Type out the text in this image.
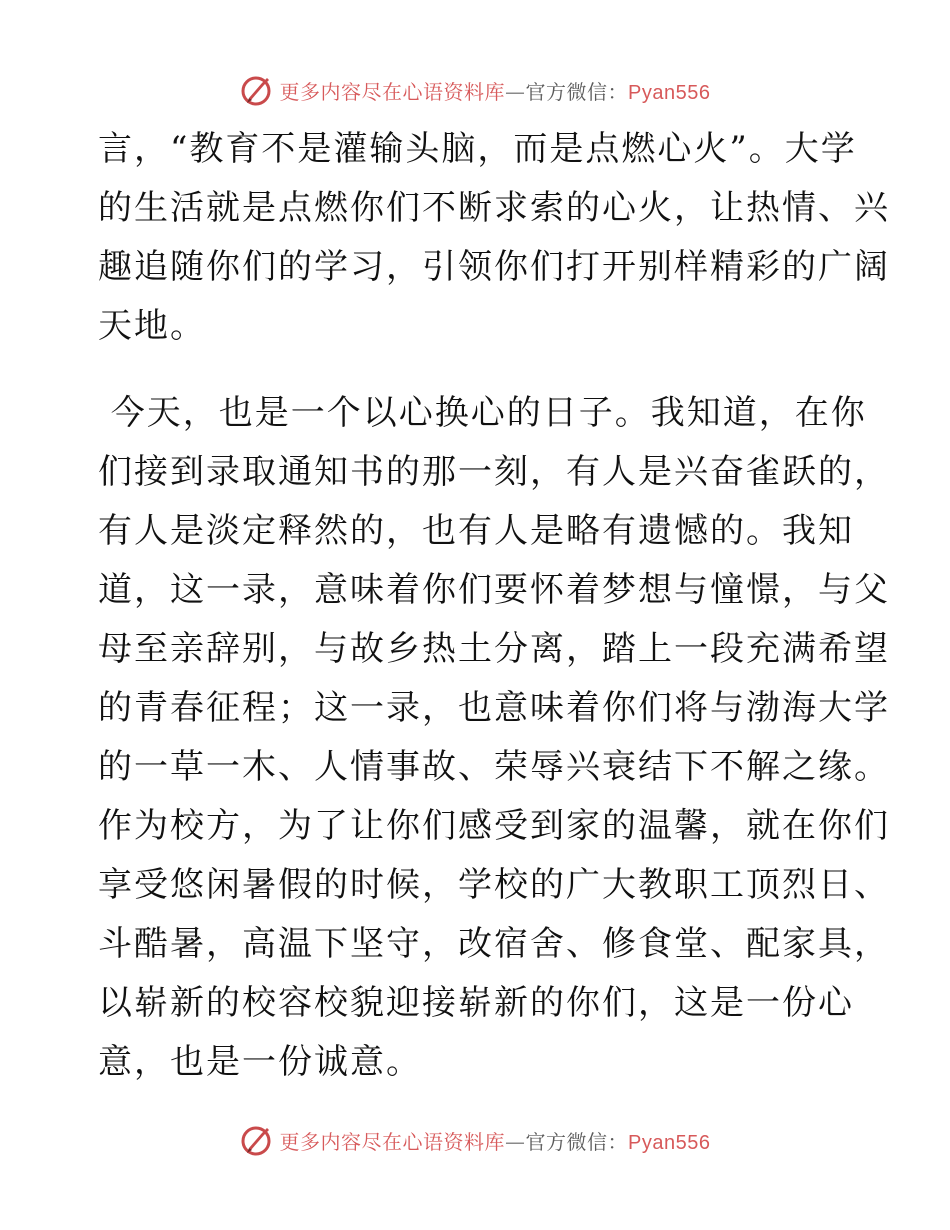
更多内容尽在心语资料库—官方微信：Pyan556

言，“教育不是灌输头脑，而是点燃心火”。大学
的生活就是点燃你们不断求索的心火，让热情、兴
趣追随你们的学习，引领你们打开别样精彩的广阔
天地。

今天，也是一个以心换心的日子。我知道，在你
们接到录取通知书的那一刻，有人是兴奋雀跃的，
有人是淡定释然的，也有人是略有遗憾的。我知
道，这一录，意味着你们要怀着梦想与憧憬，与父
母至亲辞别，与故乡热土分离，踏上一段充满希望
的青春征程；这一录，也意味着你们将与渤海大学
的一草一木、人情事故、荣辱兴衰结下不解之缘。
作为校方，为了让你们感受到家的温馨，就在你们
享受悠闲暑假的时候，学校的广大教职工顶烈日、
斗酷暑，高温下坚守，改宿舍、修食堂、配家具，
以崭新的校容校貌迎接崭新的你们，这是一份心
意，也是一份诚意。

更多内容尽在心语资料库—官方微信：Pyan556
